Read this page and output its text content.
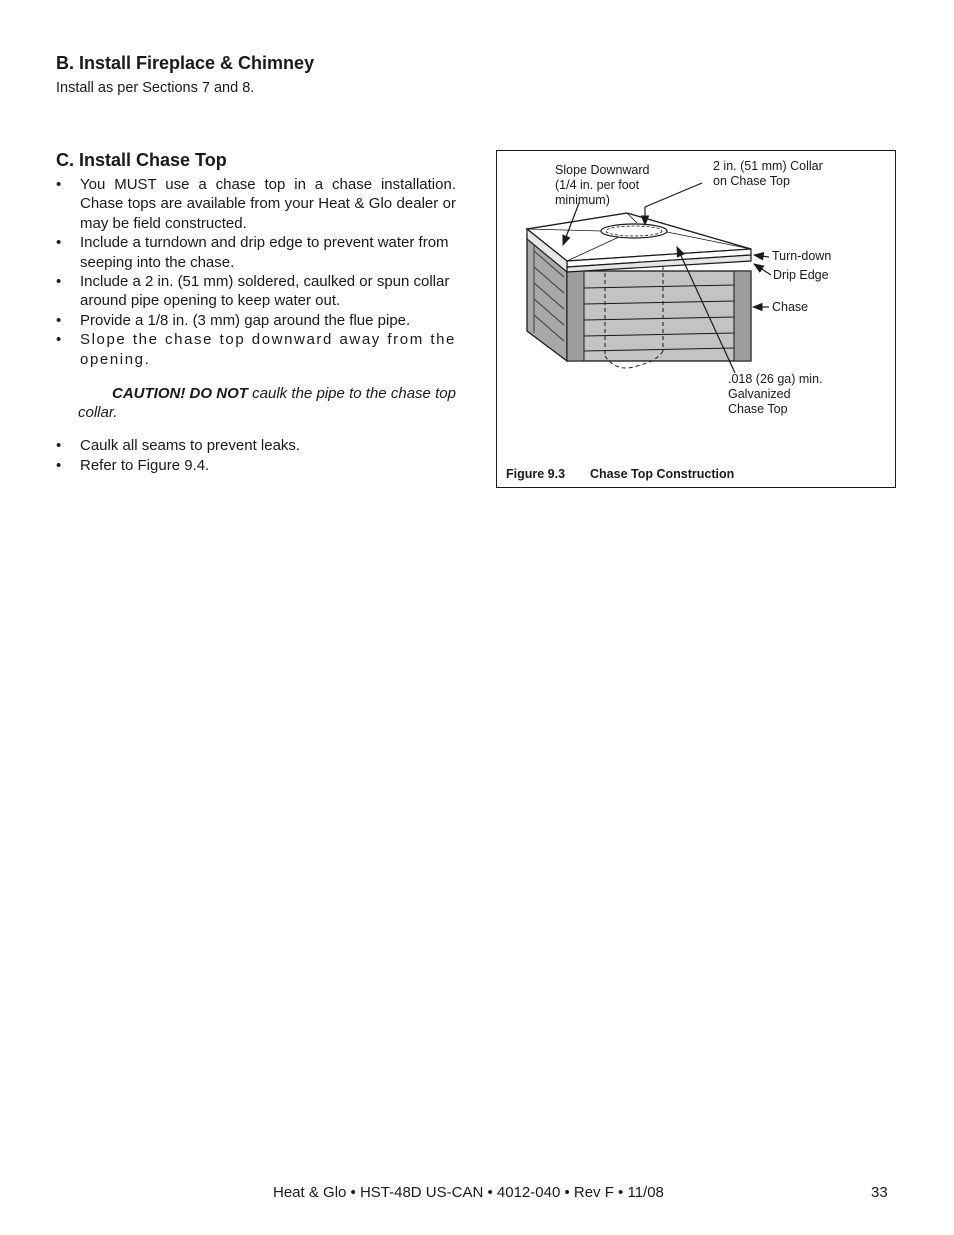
B. Install Fireplace & Chimney
Install as per Sections 7 and 8.
C. Install Chase Top
• You MUST use a chase top in a chase installation. Chase tops are available from your Heat & Glo dealer or may be field constructed.
• Include a turndown and drip edge to prevent water from seeping into the chase.
• Include a 2 in. (51 mm) soldered, caulked or spun collar around pipe opening to keep water out.
• Provide a 1/8 in. (3 mm) gap around the flue pipe.
• Slope the chase top downward away from the opening.
CAUTION! DO NOT caulk the pipe to the chase top collar.
• Caulk all seams to prevent leaks.
• Refer to Figure 9.4.
Slope Downward
(1/4 in. per foot
minimum)
2 in. (51 mm) Collar
on Chase Top
Turn-down
Drip Edge
Chase
.018 (26 ga) min.
Galvanized
Chase Top
Figure 9.3 Chase Top Construction
Heat & Glo • HST-48D US-CAN • 4012-040 • Rev F • 11/08	33
